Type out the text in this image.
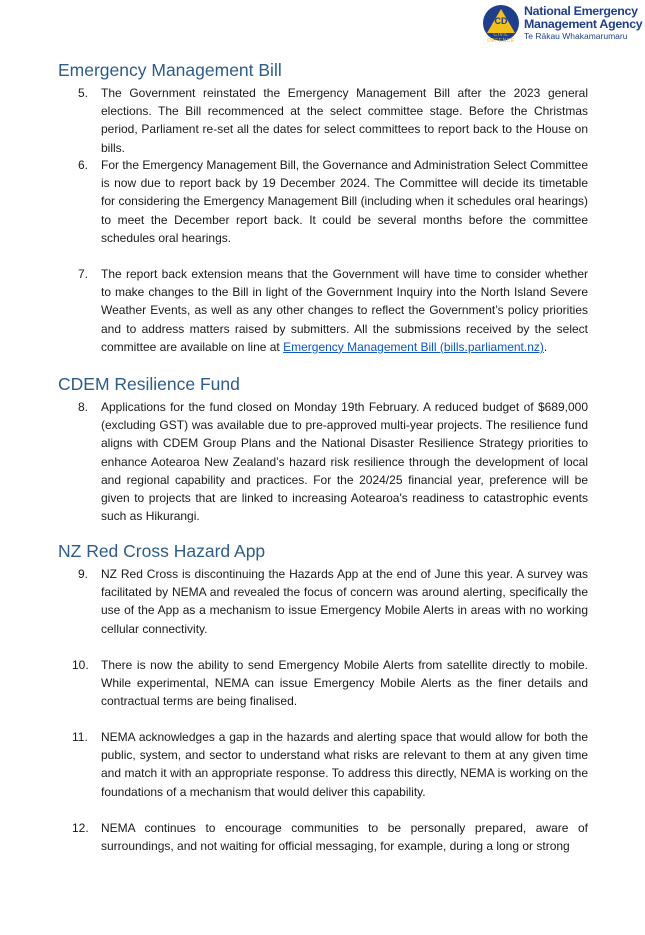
CD
CIVIL DEFENCE
National Emergency
Management Agency
Te Rākau Whakamarumaru
Emergency Management Bill
5. The Government reinstated the Emergency Management Bill after the 2023 general elections. The Bill recommenced at the select committee stage. Before the Christmas period, Parliament re-set all the dates for select committees to report back to the House on bills.
6. For the Emergency Management Bill, the Governance and Administration Select Committee is now due to report back by 19 December 2024. The Committee will decide its timetable for considering the Emergency Management Bill (including when it schedules oral hearings) to meet the December report back. It could be several months before the committee schedules oral hearings.
7. The report back extension means that the Government will have time to consider whether to make changes to the Bill in light of the Government Inquiry into the North Island Severe Weather Events, as well as any other changes to reflect the Government’s policy priorities and to address matters raised by submitters. All the submissions received by the select committee are available on line at Emergency Management Bill (bills.parliament.nz).
CDEM Resilience Fund
8. Applications for the fund closed on Monday 19th February. A reduced budget of $689,000 (excluding GST) was available due to pre-approved multi-year projects. The resilience fund aligns with CDEM Group Plans and the National Disaster Resilience Strategy priorities to enhance Aotearoa New Zealand’s hazard risk resilience through the development of local and regional capability and practices. For the 2024/25 financial year, preference will be given to projects that are linked to increasing Aotearoa's readiness to catastrophic events such as Hikurangi.
NZ Red Cross Hazard App
9. NZ Red Cross is discontinuing the Hazards App at the end of June this year. A survey was facilitated by NEMA and revealed the focus of concern was around alerting, specifically the use of the App as a mechanism to issue Emergency Mobile Alerts in areas with no working cellular connectivity.
10. There is now the ability to send Emergency Mobile Alerts from satellite directly to mobile. While experimental, NEMA can issue Emergency Mobile Alerts as the finer details and contractual terms are being finalised.
11. NEMA acknowledges a gap in the hazards and alerting space that would allow for both the public, system, and sector to understand what risks are relevant to them at any given time and match it with an appropriate response. To address this directly, NEMA is working on the foundations of a mechanism that would deliver this capability.
12. NEMA continues to encourage communities to be personally prepared, aware of surroundings, and not waiting for official messaging, for example, during a long or strong
